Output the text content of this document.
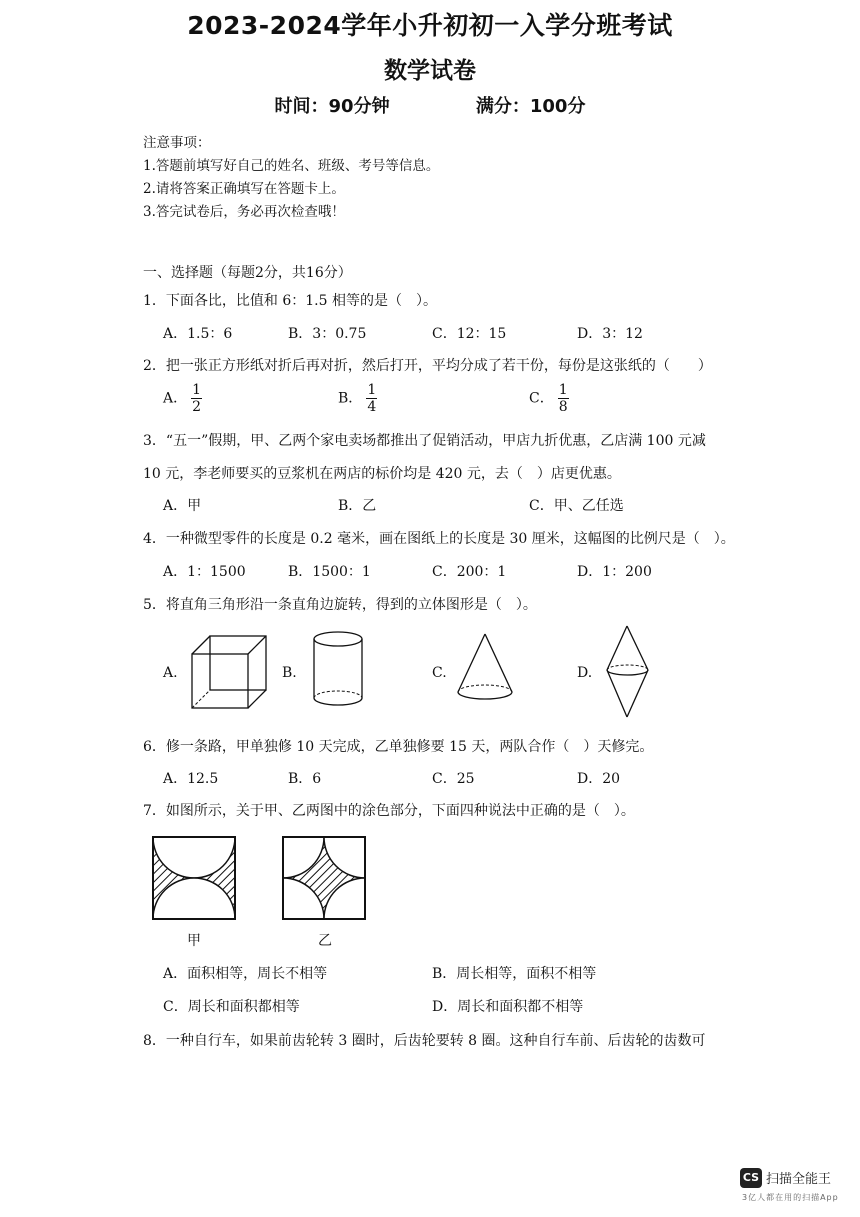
2023-2024学年小升初初一入学分班考试
数学试卷
时间：90分钟	满分：100分
注意事项：
1.答题前填写好自己的姓名、班级、考号等信息。
2.请将答案正确填写在答题卡上。
3.答完试卷后，务必再次检查哦！
一、选择题（每题2分，共16分）
1．下面各比，比值和 6：1.5 相等的是（　）。
A．1.5：6	B．3：0.75	C．12：15	D．3：12
2．把一张正方形纸对折后再对折，然后打开，平均分成了若干份，每份是这张纸的（　　）
A． $\frac{1}{2}$	B． $\frac{1}{4}$	C． $\frac{1}{8}$
3．“五一”假期，甲、乙两个家电卖场都推出了促销活动，甲店九折优惠，乙店满 100 元减
10 元，李老师要买的豆浆机在两店的标价均是 420 元，去（　）店更优惠。
A．甲	B．乙	C．甲、乙任选
4．一种微型零件的长度是 0.2 毫米，画在图纸上的长度是 30 厘米，这幅图的比例尺是（　）。
A．1：1500	B．1500：1	C．200：1	D．1：200
5．将直角三角形沿一条直角边旋转，得到的立体图形是（　）。
A.	B.	C.	D.
6．修一条路，甲单独修 10 天完成，乙单独修要 15 天，两队合作（　）天修完。
A．12.5	B．6	C．25	D．20
7．如图所示，关于甲、乙两图中的涂色部分，下面四种说法中正确的是（　）。
甲	乙
A．面积相等，周长不相等	B．周长相等，面积不相等
C．周长和面积都相等	D．周长和面积都不相等
8．一种自行车，如果前齿轮转 3 圈时，后齿轮要转 8 圈。这种自行车前、后齿轮的齿数可
CS 扫描全能王
3亿人都在用的扫描App
